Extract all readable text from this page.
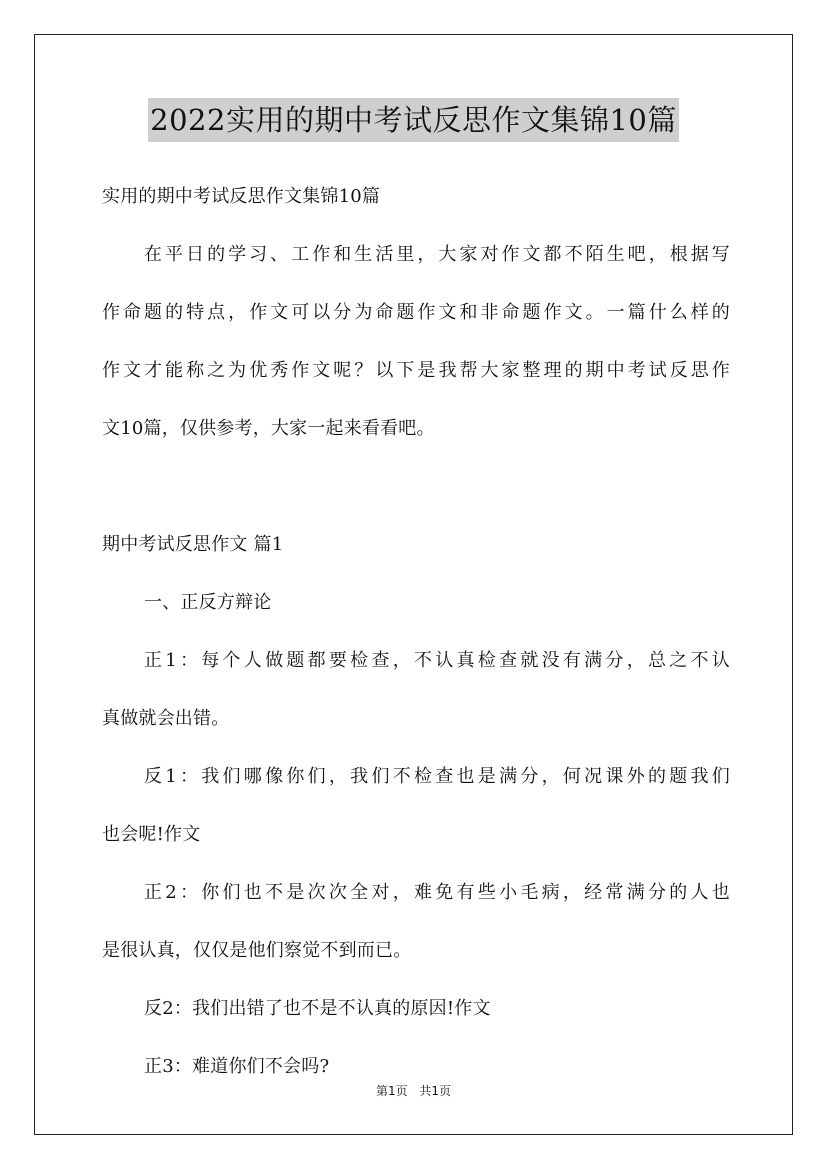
2022实用的期中考试反思作文集锦10篇
实用的期中考试反思作文集锦10篇
在平日的学习、工作和生活里，大家对作文都不陌生吧，根据写
作命题的特点，作文可以分为命题作文和非命题作文。一篇什么样的
作文才能称之为优秀作文呢？以下是我帮大家整理的期中考试反思作
文10篇，仅供参考，大家一起来看看吧。
期中考试反思作文 篇1
一、正反方辩论
正1：每个人做题都要检查，不认真检查就没有满分，总之不认
真做就会出错。
反1：我们哪像你们，我们不检查也是满分，何况课外的题我们
也会呢!作文
正2：你们也不是次次全对，难免有些小毛病，经常满分的人也
是很认真，仅仅是他们察觉不到而已。
反2：我们出错了也不是不认真的原因!作文
正3：难道你们不会吗?
第1页 共1页
